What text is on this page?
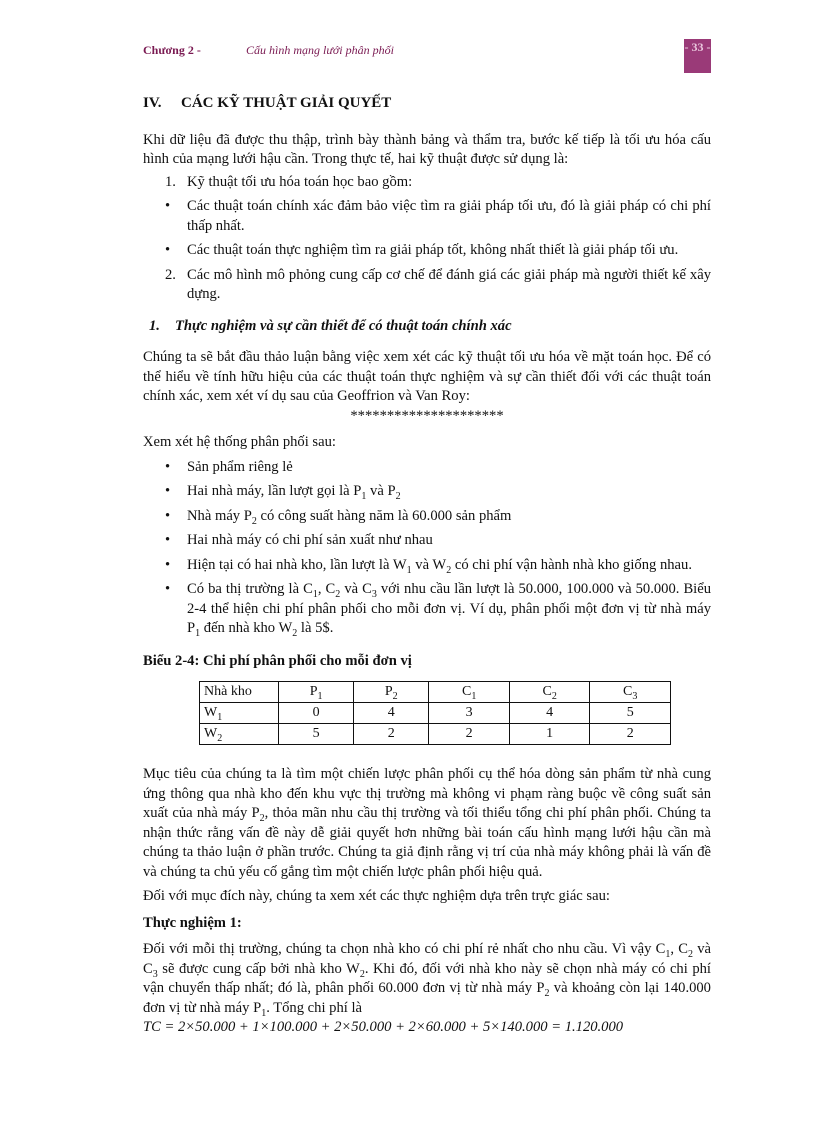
Chương 2 -	Cấu hình mạng lưới phân phối	- 33 -

IV. CÁC KỸ THUẬT GIẢI QUYẾT

Khi dữ liệu đã được thu thập, trình bày thành bảng và thẩm tra, bước kế tiếp là tối ưu hóa cấu hình của mạng lưới hậu cần. Trong thực tế, hai kỹ thuật được sử dụng là:

1. Kỹ thuật tối ưu hóa toán học bao gồm:
• Các thuật toán chính xác đảm bảo việc tìm ra giải pháp tối ưu, đó là giải pháp có chi phí thấp nhất.
• Các thuật toán thực nghiệm tìm ra giải pháp tốt, không nhất thiết là giải pháp tối ưu.
2. Các mô hình mô phỏng cung cấp cơ chế để đánh giá các giải pháp mà người thiết kế xây dựng.

1. Thực nghiệm và sự cần thiết để có thuật toán chính xác

Chúng ta sẽ bắt đầu thảo luận bằng việc xem xét các kỹ thuật tối ưu hóa về mặt toán học. Để có thể hiểu về tính hữu hiệu của các thuật toán thực nghiệm và sự cần thiết đối với các thuật toán chính xác, xem xét ví dụ sau của Geoffrion và Van Roy:

*********************

Xem xét hệ thống phân phối sau:

• Sản phẩm riêng lẻ
• Hai nhà máy, lần lượt gọi là $P_1$ và $P_2$
• Nhà máy $P_2$ có công suất hàng năm là 60.000 sản phẩm
• Hai nhà máy có chi phí sản xuất như nhau
• Hiện tại có hai nhà kho, lần lượt là $W_1$ và $W_2$ có chi phí vận hành nhà kho giống nhau.
• Có ba thị trường là $C_1$, $C_2$ và $C_3$ với nhu cầu lần lượt là 50.000, 100.000 và 50.000. Biểu 2-4 thể hiện chi phí phân phối cho mỗi đơn vị. Ví dụ, phân phối một đơn vị từ nhà máy $P_1$ đến nhà kho $W_2$ là 5$.

Biểu 2-4: Chi phí phân phối cho mỗi đơn vị

Nhà kho	$P_1$	$P_2$	$C_1$	$C_2$	$C_3$
$W_1$	0	4	3	4	5
$W_2$	5	2	2	1	2

Mục tiêu của chúng ta là tìm một chiến lược phân phối cụ thể hóa dòng sản phẩm từ nhà cung ứng thông qua nhà kho đến khu vực thị trường mà không vi phạm ràng buộc về công suất sản xuất của nhà máy $P_2$, thỏa mãn nhu cầu thị trường và tối thiểu tổng chi phí phân phối. Chúng ta nhận thức rằng vấn đề này dễ giải quyết hơn những bài toán cấu hình mạng lưới hậu cần mà chúng ta thảo luận ở phần trước. Chúng ta giả định rằng vị trí của nhà máy không phải là vấn đề và chúng ta chủ yếu cố gắng tìm một chiến lược phân phối hiệu quả.

Đối với mục đích này, chúng ta xem xét các thực nghiệm dựa trên trực giác sau:

Thực nghiệm 1:

Đối với mỗi thị trường, chúng ta chọn nhà kho có chi phí rẻ nhất cho nhu cầu. Vì vậy $C_1$, $C_2$ và $C_3$ sẽ được cung cấp bởi nhà kho $W_2$. Khi đó, đối với nhà kho này sẽ chọn nhà máy có chi phí vận chuyển thấp nhất; đó là, phân phối 60.000 đơn vị từ nhà máy $P_2$ và khoảng còn lại 140.000 đơn vị từ nhà máy $P_1$. Tổng chi phí là

TC = 2×50.000 + 1×100.000 + 2×50.000 + 2×60.000 + 5×140.000 = 1.120.000
